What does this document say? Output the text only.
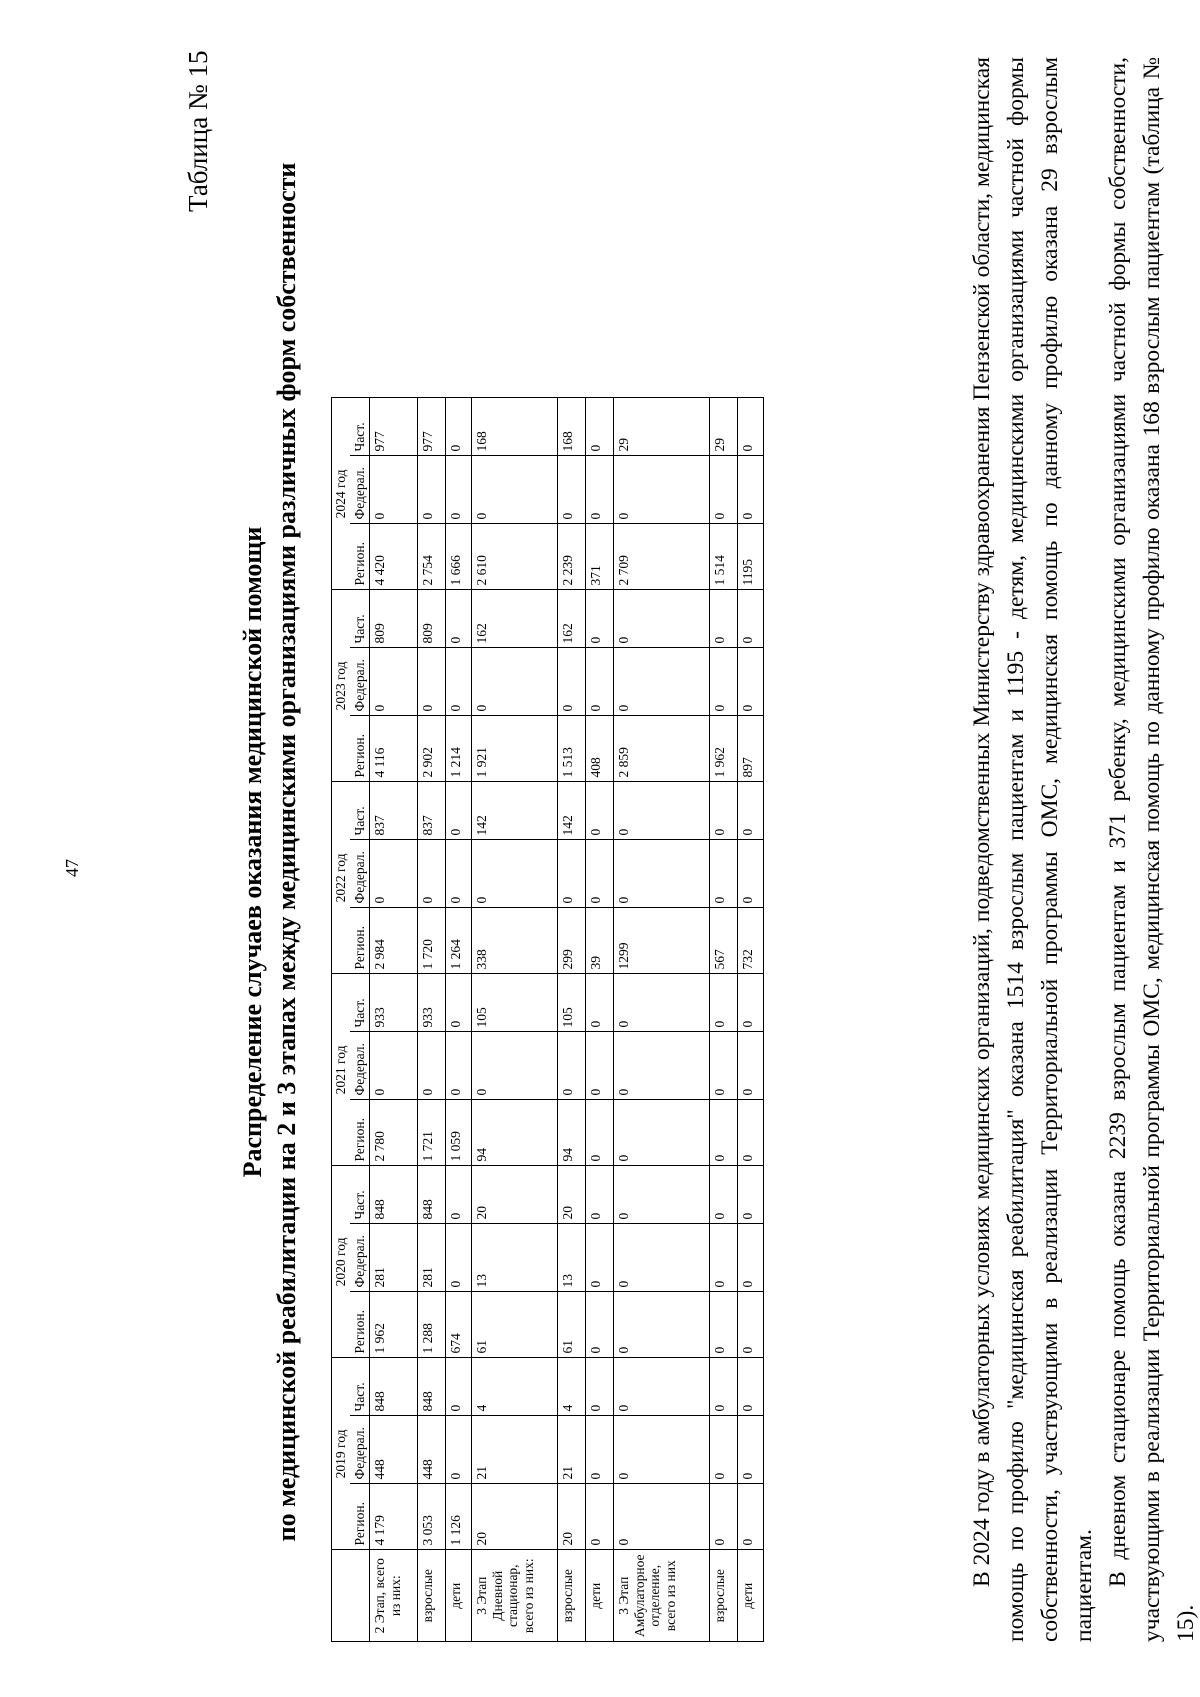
47
Таблица № 15
Распределение случаев оказания медицинской помощи по медицинской реабилитации на 2 и 3 этапах между медицинскими организациями различных форм собственности
	2019 год			2020 год			2021 год			2022 год			2023 год			2024 год		
	Регион.	Федерал.	Част.	Регион.	Федерал.	Част.	Регион.	Федерал.	Част.	Регион.	Федерал.	Част.	Регион.	Федерал.	Част.	Регион.	Федерал.	Част.
2 Этап, всего из них:	4 179	448	848	1 962	281	848	2 780	0	933	2 984	0	837	4 116	0	809	4 420	0	977
взрослые	3 053	448	848	1 288	281	848	1 721	0	933	1 720	0	837	2 902	0	809	2 754	0	977
дети	1 126	0	0	674	0	0	1 059	0	0	1 264	0	0	1 214	0	0	1 666	0	0
3 Этап Дневной стационар, всего из них:	20	21	4	61	13	20	94	0	105	338	0	142	1 921	0	162	2 610	0	168
взрослые	20	21	4	61	13	20	94	0	105	299	0	142	1 513	0	162	2 239	0	168
дети	0	0	0	0	0	0	0	0	0	39	0	0	408	0	0	371	0	0
3 Этап Амбулаторное отделение, всего из них	0	0	0	0	0	0	0	0	0	1299	0	0	2 859	0	0	2 709	0	29
взрослые	0	0	0	0	0	0	0	0	0	567	0	0	1 962	0	0	1 514	0	29
дети	0	0	0	0	0	0	0	0	0	732	0	0	897	0	0	1195	0	0	В 2024 году в амбулаторных условиях медицинских организаций, подведомственных Министерству здравоохранения Пензенской области, медицинская помощь по профилю "медицинская реабилитация" оказана 1514 взрослым пациентам и 1195 - детям, медицинскими организациями частной формы собственности, участвующими в реализации Территориальной программы ОМС, медицинская помощь по данному профилю оказана 29 взрослым пациентам. В дневном стационаре помощь оказана 2239 взрослым пациентам и 371 ребенку, медицинскими организациями частной формы собственности, участвующими в реализации Территориальной программы ОМС, медицинская помощь по данному профилю оказана 168 взрослым пациентам (таблица № 15).
